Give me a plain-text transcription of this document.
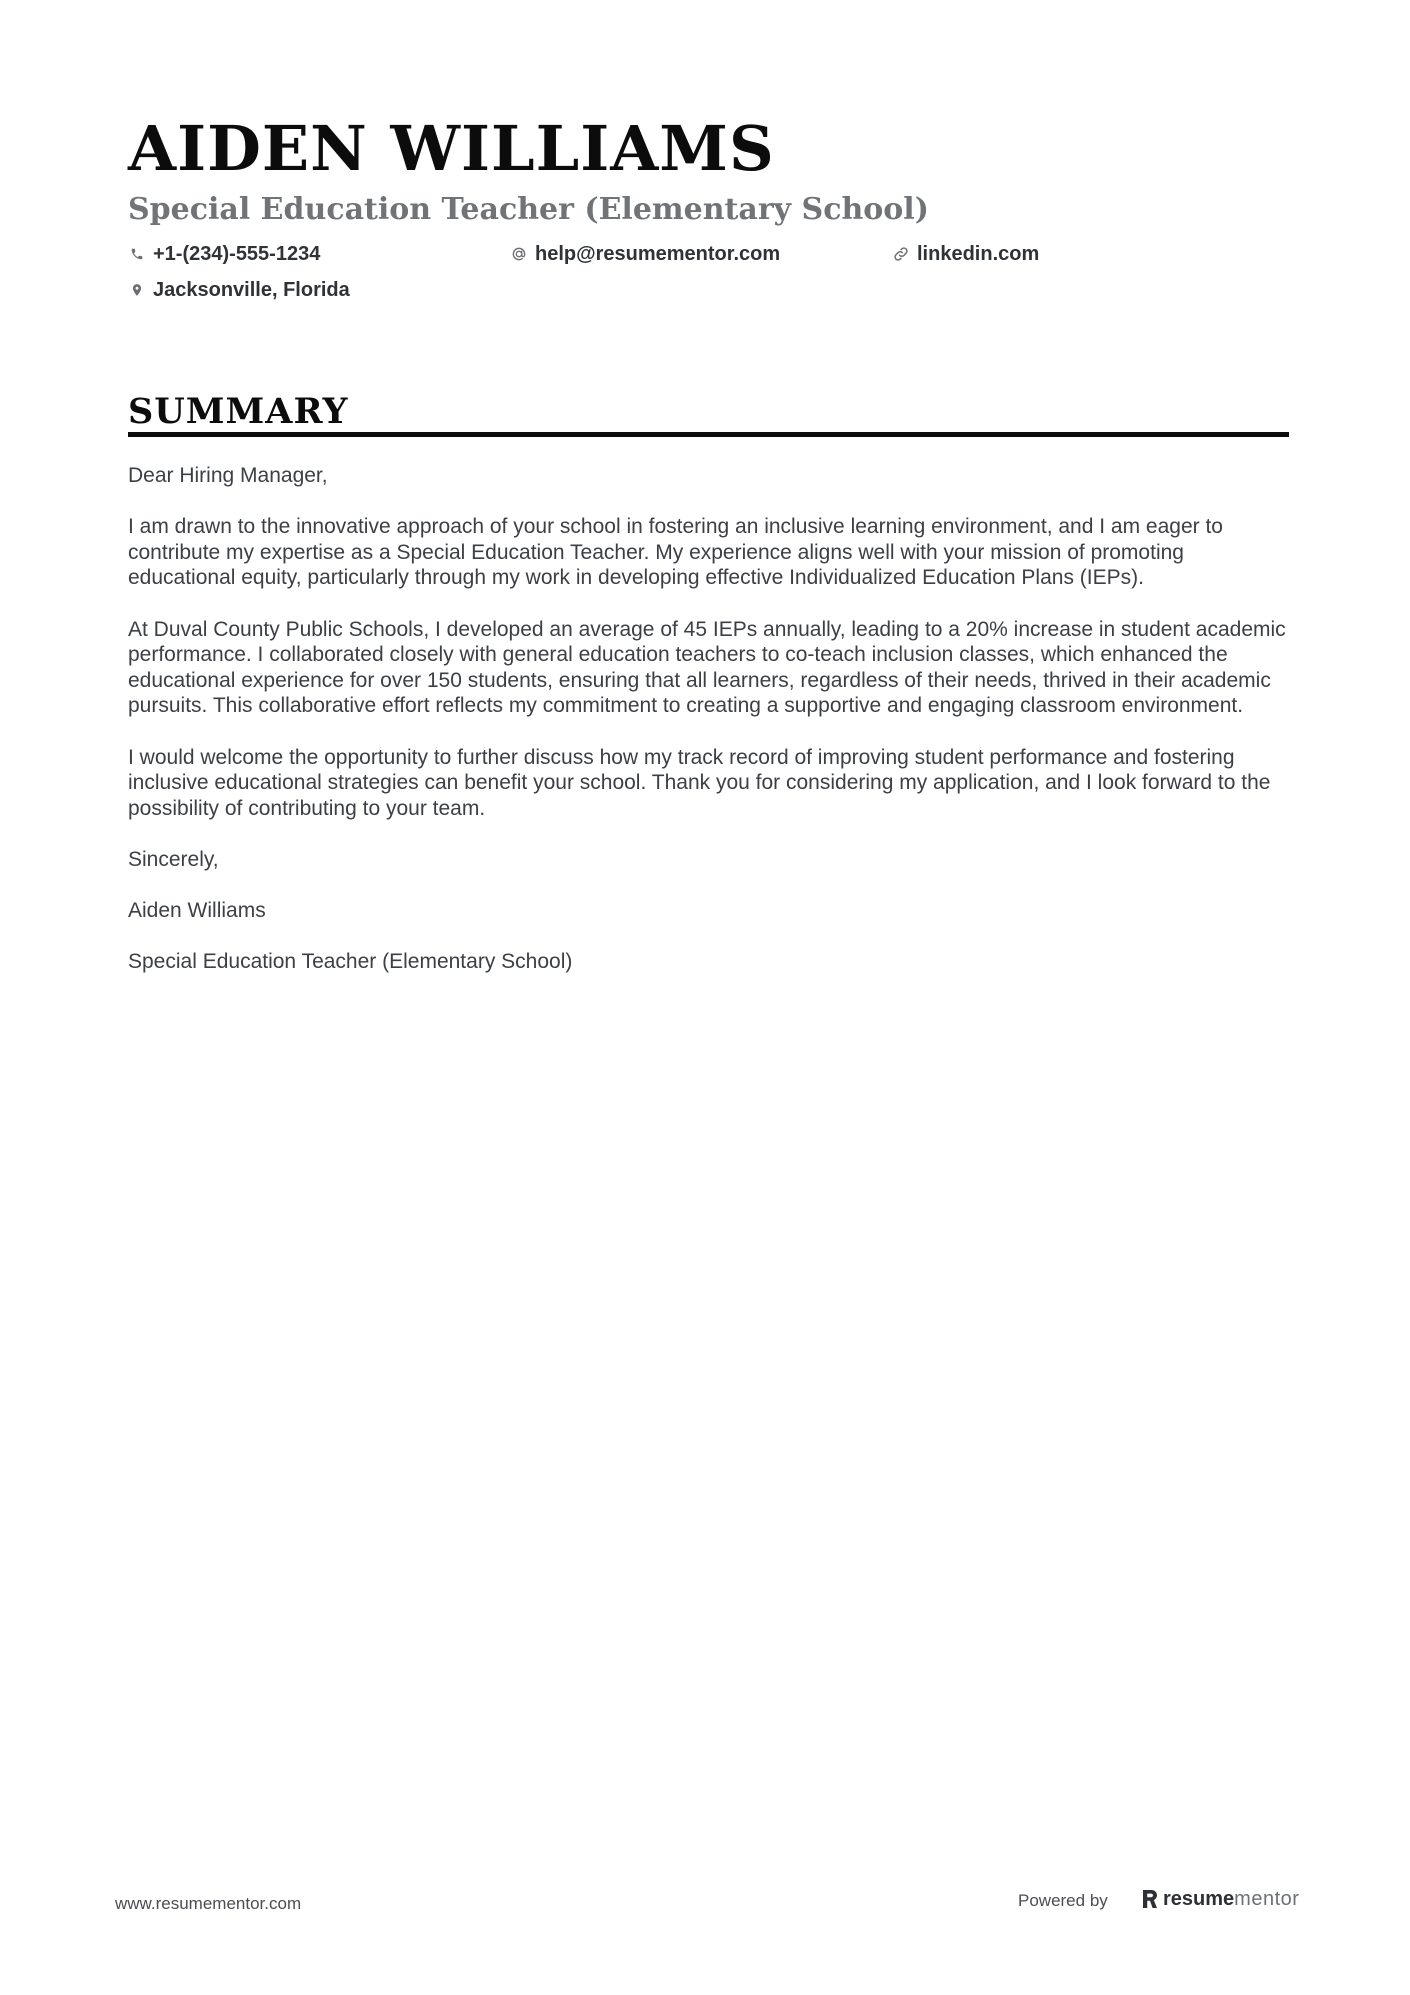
AIDEN WILLIAMS
Special Education Teacher (Elementary School)
+1-(234)-555-1234	help@resumementor.com	linkedin.com
Jacksonville, Florida
SUMMARY

Dear Hiring Manager,

I am drawn to the innovative approach of your school in fostering an inclusive learning environment, and I am eager to contribute my expertise as a Special Education Teacher. My experience aligns well with your mission of promoting educational equity, particularly through my work in developing effective Individualized Education Plans (IEPs).

At Duval County Public Schools, I developed an average of 45 IEPs annually, leading to a 20% increase in student academic performance. I collaborated closely with general education teachers to co-teach inclusion classes, which enhanced the educational experience for over 150 students, ensuring that all learners, regardless of their needs, thrived in their academic pursuits. This collaborative effort reflects my commitment to creating a supportive and engaging classroom environment.

I would welcome the opportunity to further discuss how my track record of improving student performance and fostering inclusive educational strategies can benefit your school. Thank you for considering my application, and I look forward to the possibility of contributing to your team.

Sincerely,

Aiden Williams

Special Education Teacher (Elementary School)

www.resumementor.com	Powered by	resume mentor
